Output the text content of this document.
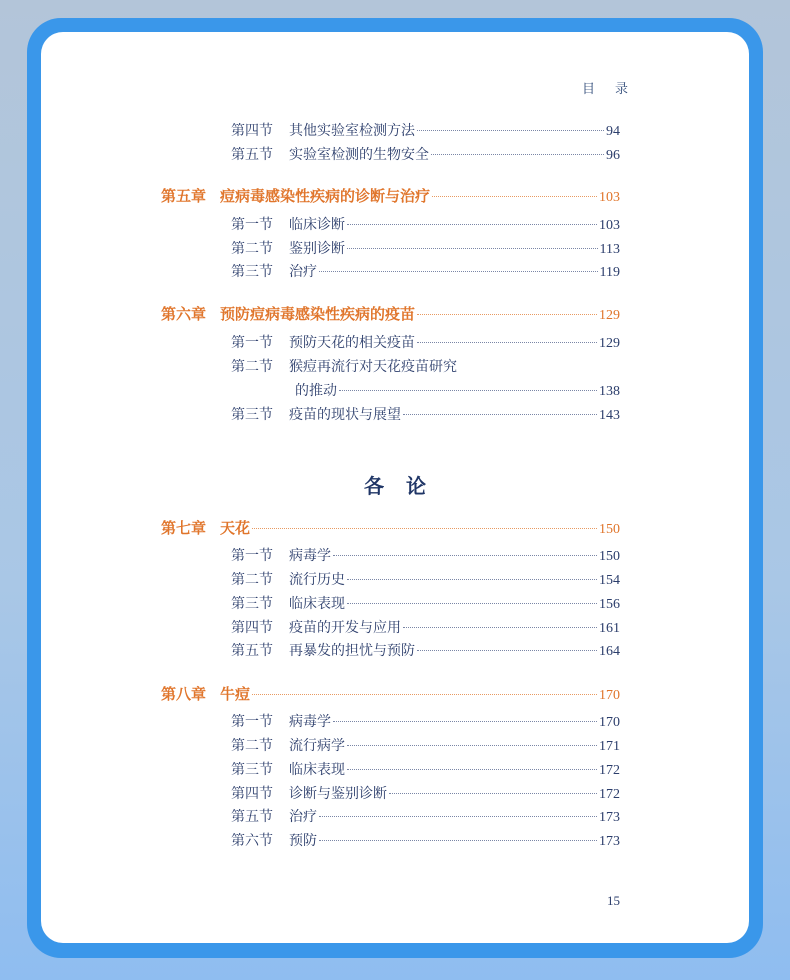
目录
第四节 其他实验室检测方法	94
第五节 实验室检测的生物安全	96
第五章 痘病毒感染性疾病的诊断与治疗	103
第一节 临床诊断	103
第二节 鉴别诊断	113
第三节 治疗	119
第六章 预防痘病毒感染性疾病的疫苗	129
第一节 预防天花的相关疫苗	129
第二节 猴痘再流行对天花疫苗研究
的推动	138
第三节 疫苗的现状与展望	143
各论
第七章 天花	150
第一节 病毒学	150
第二节 流行历史	154
第三节 临床表现	156
第四节 疫苗的开发与应用	161
第五节 再暴发的担忧与预防	164
第八章 牛痘	170
第一节 病毒学	170
第二节 流行病学	171
第三节 临床表现	172
第四节 诊断与鉴别诊断	172
第五节 治疗	173
第六节 预防	173
15
